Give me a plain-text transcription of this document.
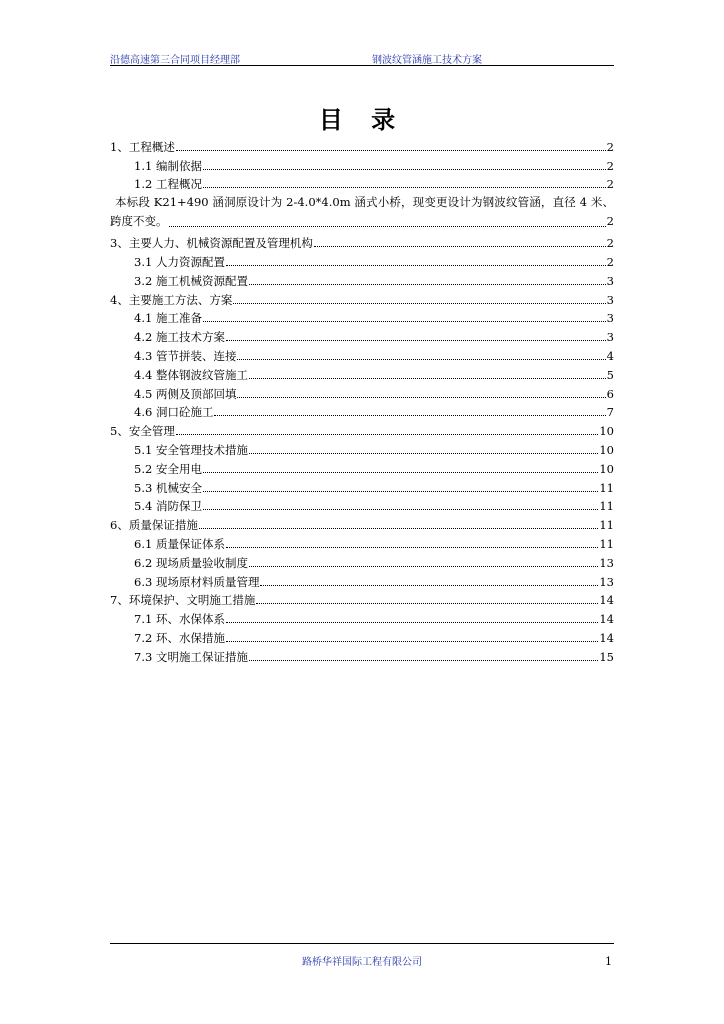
沿德高速第三合同项目经理部	钢波纹管涵施工技术方案
目 录
1、工程概述	2
1.1 编制依据	2
1.2 工程概况	2
本标段 K21+490 涵洞原设计为 2-4.0*4.0m 涵式小桥，现变更设计为钢波纹管涵，直径 4 米、
跨度不变。	2
3、主要人力、机械资源配置及管理机构	2
3.1 人力资源配置	2
3.2 施工机械资源配置	3
4、主要施工方法、方案	3
4.1 施工准备	3
4.2 施工技术方案	3
4.3 管节拼装、连接	4
4.4 整体钢波纹管施工	5
4.5 两侧及顶部回填	6
4.6 洞口砼施工	7
5、安全管理	10
5.1 安全管理技术措施	10
5.2 安全用电	10
5.3 机械安全	11
5.4 消防保卫	11
6、质量保证措施	11
6.1 质量保证体系	11
6.2 现场质量验收制度	13
6.3 现场原材料质量管理	13
7、环境保护、文明施工措施	14
7.1 环、水保体系	14
7.2 环、水保措施	14
7.3 文明施工保证措施	15
路桥华祥国际工程有限公司	1
